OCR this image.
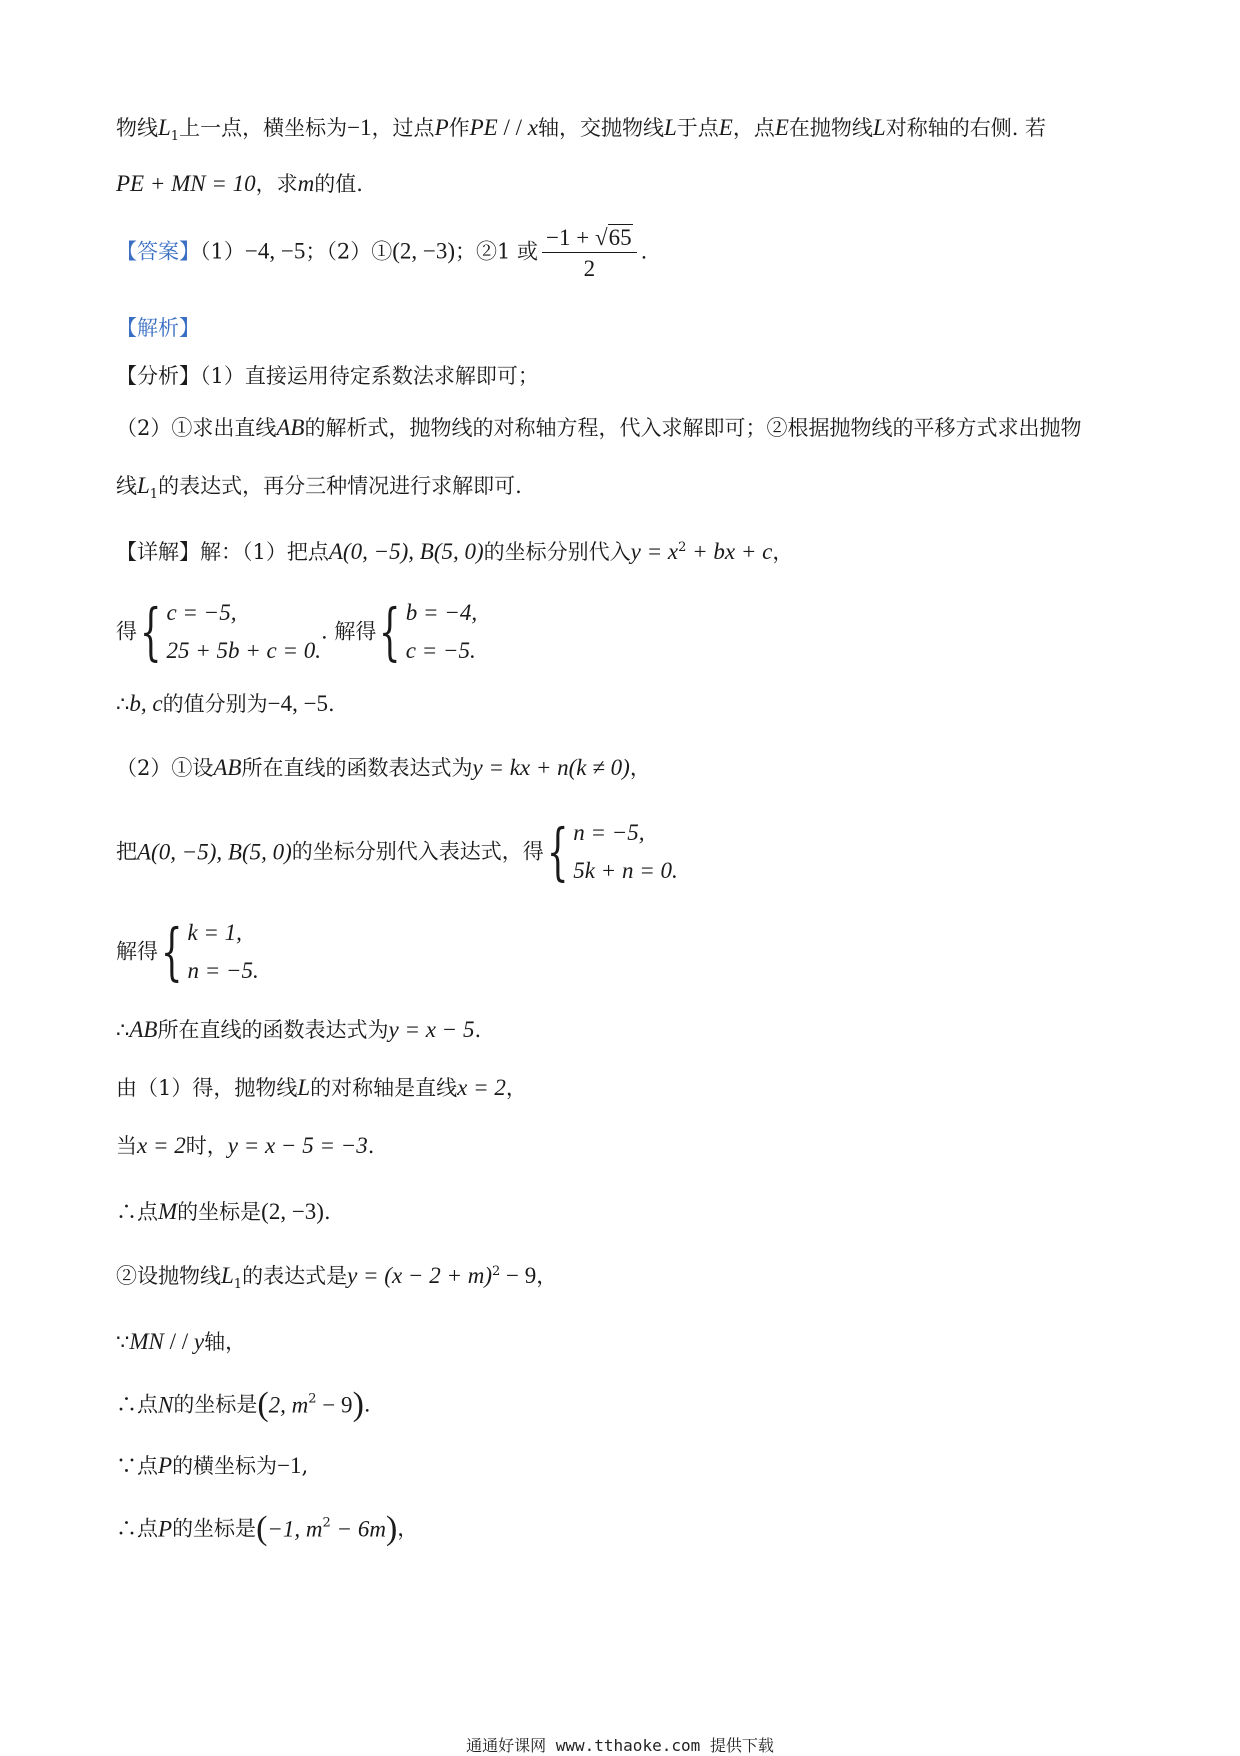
物线$L_1$上一点，横坐标为−1，过点P作PE / / x轴，交抛物线L于点E，点E在抛物线L对称轴的右侧. 若
PE + MN = 10，求m的值.
【答案】（1）−4, −5；（2）①(2, −3)；②1 或 $\frac{-1 + √65}{2}$ .
【解析】
【分析】（1）直接运用待定系数法求解即可；
（2）①求出直线AB的解析式，抛物线的对称轴方程，代入求解即可；②根据抛物线的平移方式求出抛物
线$L_1$的表达式，再分三种情况进行求解即可.
【详解】解：（1）把点A(0, −5), B(5, 0)的坐标分别代入$y = x^2$ + bx + c，
得{ c = −5,
25 + 5b + c = 0.
. 解得{ b = −4,
c = −5.
∴b, c的值分别为−4, −5.
（2）①设AB所在直线的函数表达式为y = kx + n(k ≠ 0)，
把A(0, −5), B(5, 0)的坐标分别代入表达式，得{ n = −5,
5k + n = 0.
解得{ k = 1,
n = −5.
∴AB所在直线的函数表达式为y = x − 5.
由（1）得，抛物线L的对称轴是直线x = 2，
当x = 2时，y = x − 5 = −3.
∴点M的坐标是(2, −3).
②设抛物线$L_1$的表达式是$y = (x - 2 + m)^2 - 9$，
∵MN / / y轴，
∴点N的坐标是(2, $m^2 - 9$).
∵点P的横坐标为−1,
∴点P的坐标是(−1, $m^2 - 6m$)，
通通好课网 www.tthaoke.com 提供下载
